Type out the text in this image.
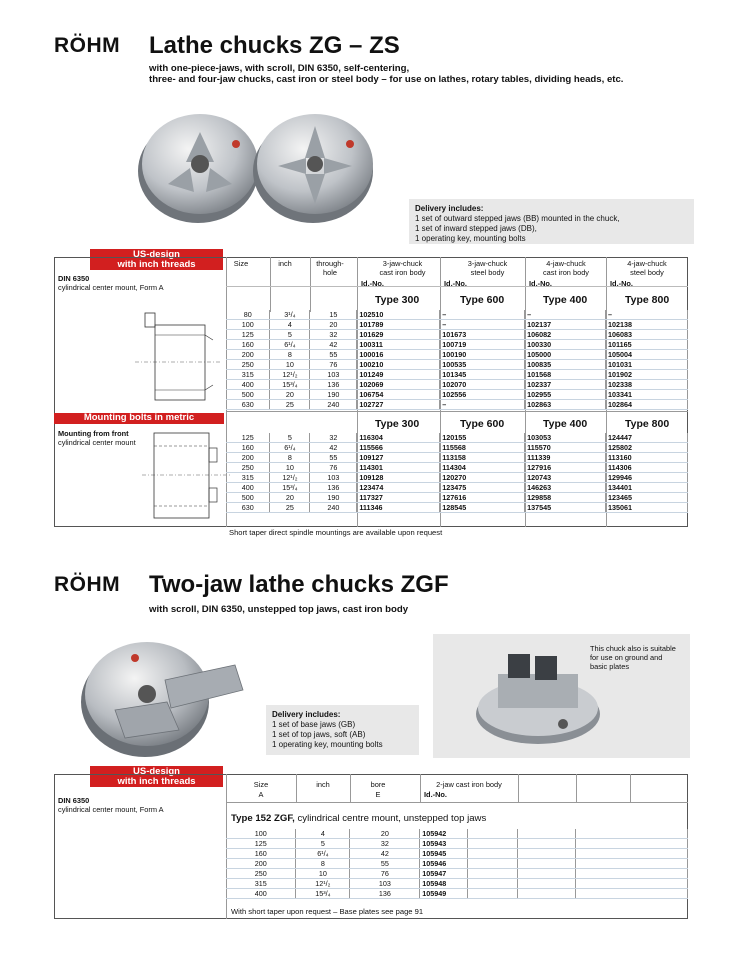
RÖHM Lathe chucks ZG – ZS
with one-piece-jaws, with scroll, DIN 6350, self-centering,
three- and four-jaw chucks, cast iron or steel body – for use on lathes, rotary tables, dividing heads, etc.
Delivery includes:
1 set of outward stepped jaws (BB) mounted in the chuck,
1 set of inward stepped jaws (DB),
1 operating key, mounting bolts
US-design
with inch threads
DIN 6350
cylindrical center mount, Form A
Mounting bolts in metric
Mounting from front
cylindrical center mount
Size	inch	through-
hole
3-jaw-chuck
cast iron body
3-jaw-chuck
steel body
4-jaw-chuck
cast iron body
4-jaw-chuck
steel body
Id.-No.	Id.-No.	Id.-No.	Id.-No.
Type 300	Type 600	Type 400	Type 800
80	3¹/₄	15	102510	–	–	–
100	4	20	101789	–	102137	102138
125	5	32	101629	101673	106082	106083
160	6¹/₄	42	100311	100719	100330	101165
200	8	55	100016	100190	105000	105004
250	10	76	100210	100535	100835	101031
315	12¹/₂	103	101249	101345	101568	101902
400	15³/₄	136	102069	102070	102337	102338
500	20	190	106754	102556	102955	103341
630	25	240	102727	–	102863	102864
Type 300	Type 600	Type 400	Type 800
125	5	32	116304	120155	103053	124447
160	6¹/₄	42	115566	115568	115570	125802
200	8	55	109127	113158	111339	113160
250	10	76	114301	114304	127916	114306
315	12¹/₂	103	109128	120270	120743	129946
400	15³/₄	136	123474	123475	146263	134401
500	20	190	117327	127616	129858	123465
630	25	240	111346	128545	137545	135061
Short taper direct spindle mountings are available upon request
RÖHM Two-jaw lathe chucks ZGF
with scroll, DIN 6350, unstepped top jaws, cast iron body
Delivery includes:
1 set of base jaws (GB)
1 set of top jaws, soft (AB)
1 operating key, mounting bolts
This chuck also is suitable
for use on ground and
basic plates
US-design
with inch threads
DIN 6350
cylindrical center mount, Form A
Size
A
inch	bore
E
2-jaw cast iron body
Id.-No.
Type 152 ZGF, cylindrical centre mount, unstepped top jaws
100	4	20	105942			
125	5	32	105943			
160	6¹/₄	42	105945			
200	8	55	105946			
250	10	76	105947			
315	12¹/₂	103	105948			
400	15³/₄	136	105949			
With short taper upon request – Base plates see page 91
